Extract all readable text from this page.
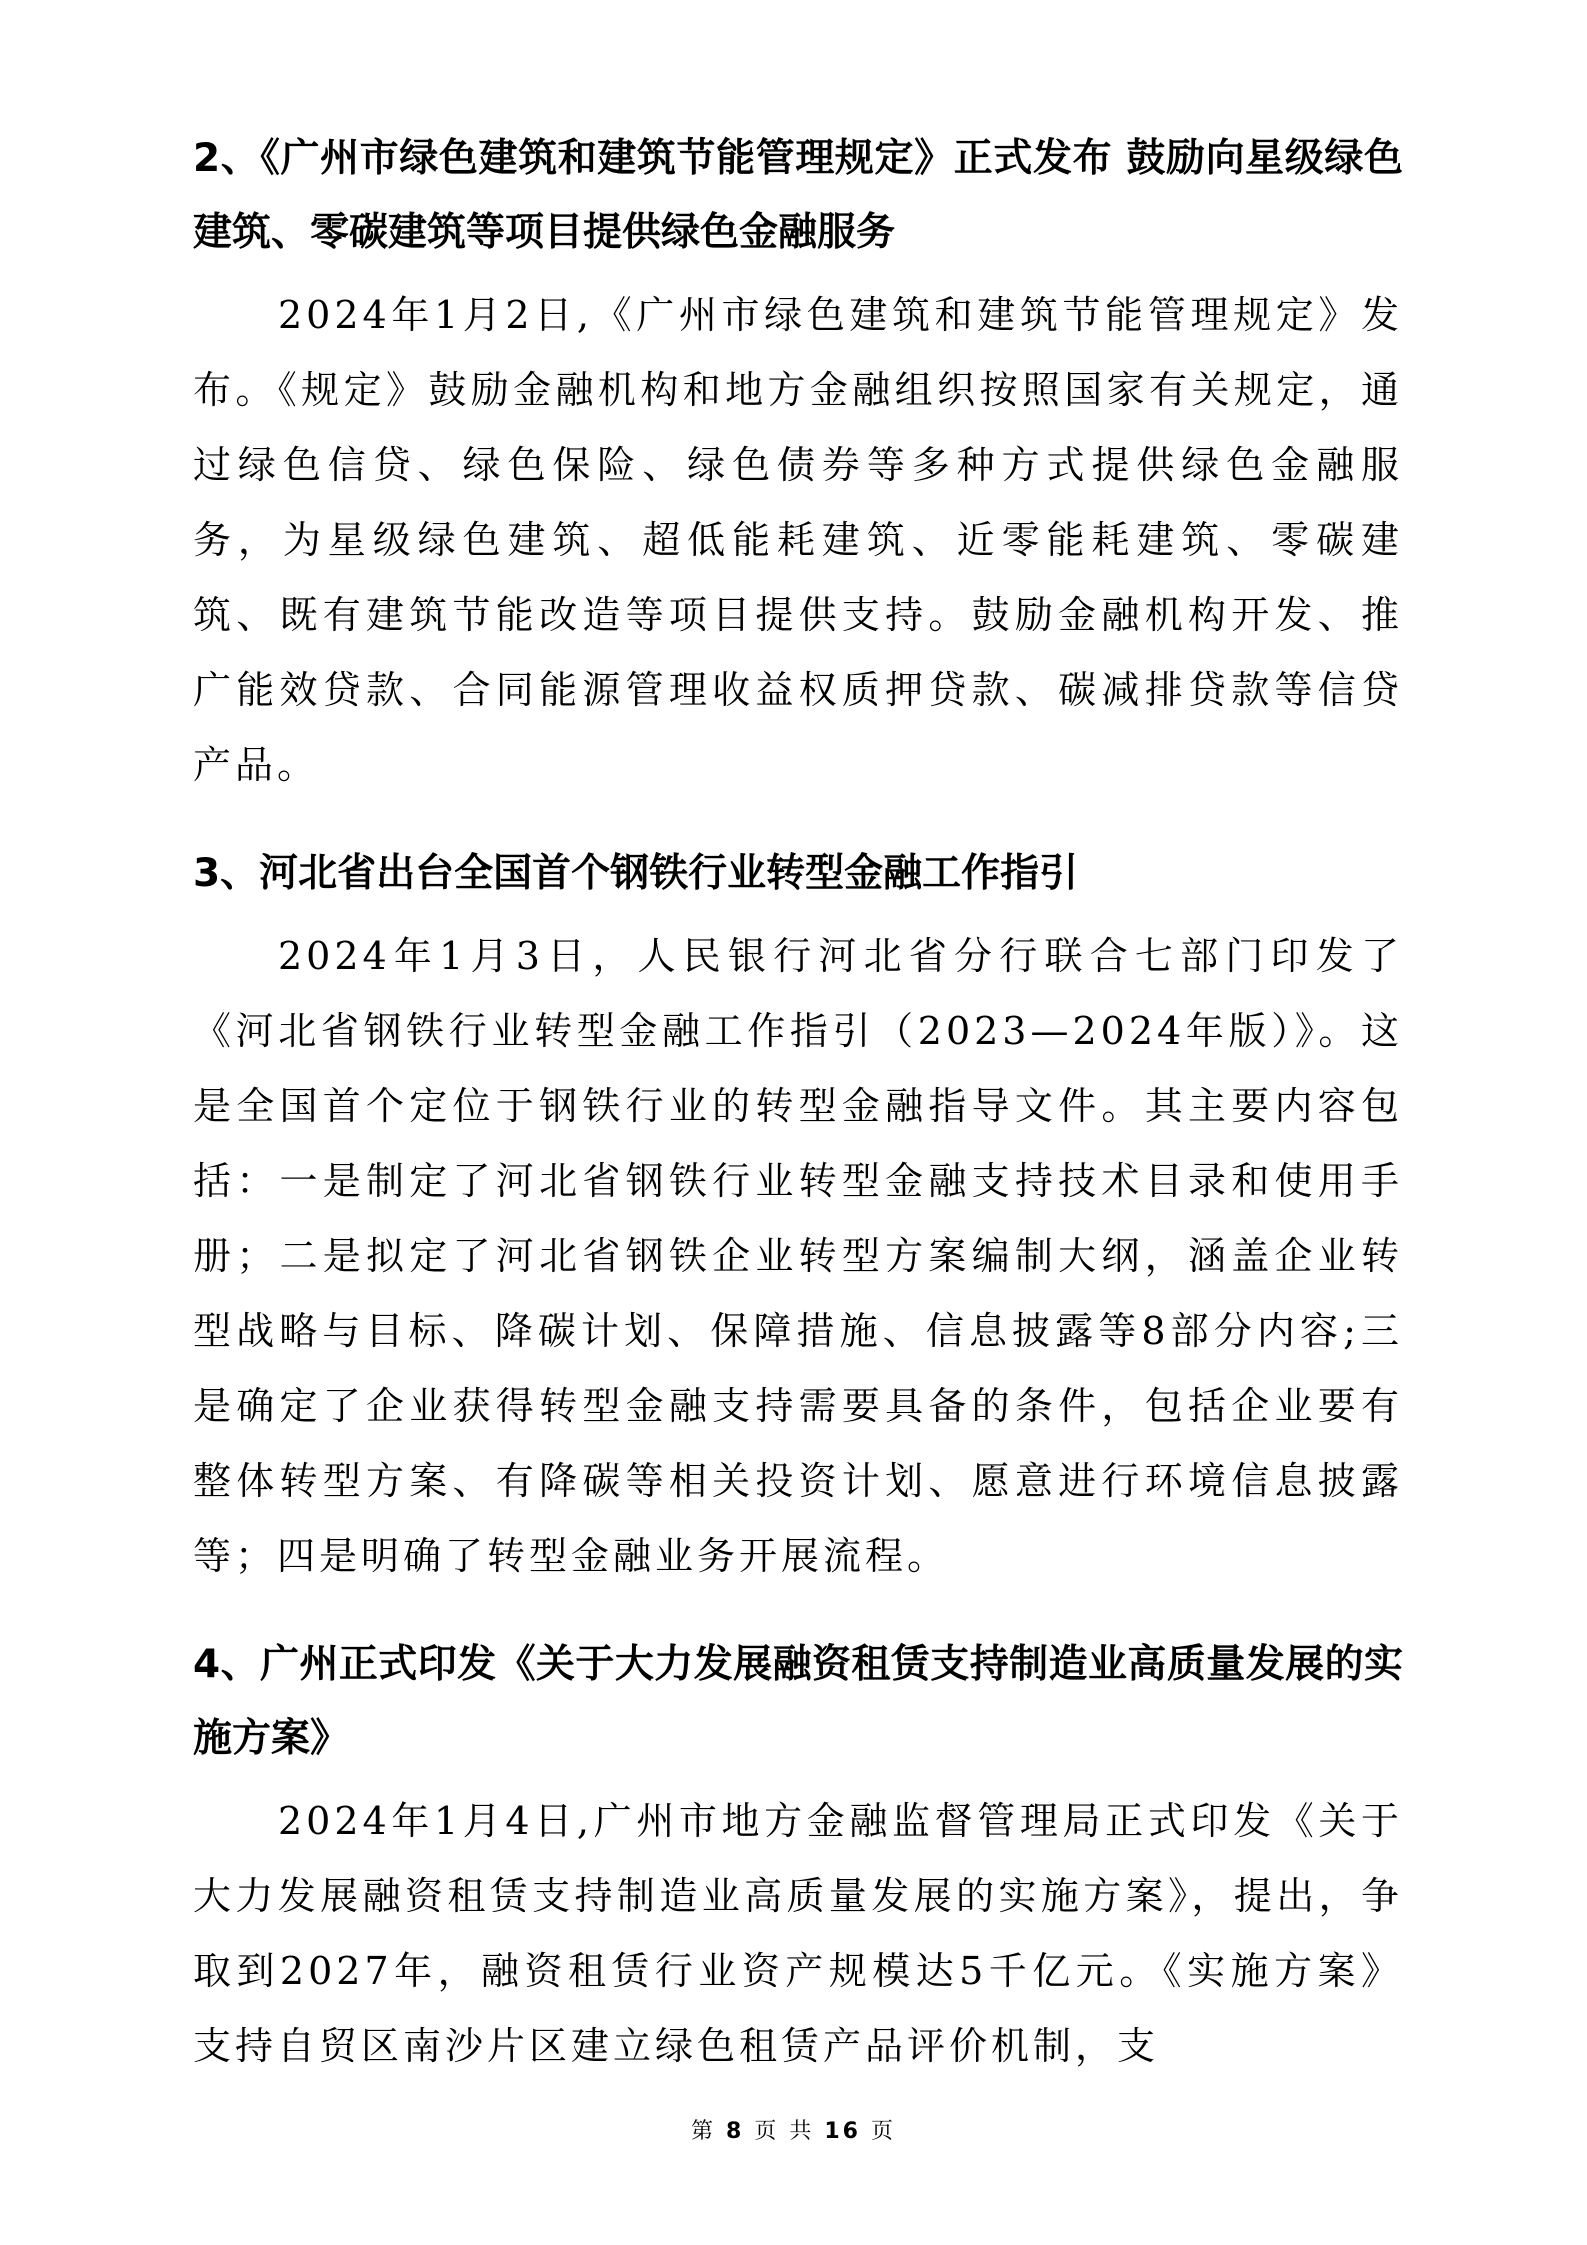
2、《广州市绿色建筑和建筑节能管理规定》正式发布 鼓励向星级绿色建筑、零碳建筑等项目提供绿色金融服务

2024年1月2日,《广州市绿色建筑和建筑节能管理规定》发布。《规定》鼓励金融机构和地方金融组织按照国家有关规定，通过绿色信贷、绿色保险、绿色债券等多种方式提供绿色金融服务，为星级绿色建筑、超低能耗建筑、近零能耗建筑、零碳建筑、既有建筑节能改造等项目提供支持。鼓励金融机构开发、推广能效贷款、合同能源管理收益权质押贷款、碳减排贷款等信贷产品。

3、河北省出台全国首个钢铁行业转型金融工作指引

2024年1月3日，人民银行河北省分行联合七部门印发了《河北省钢铁行业转型金融工作指引（2023—2024年版）》。这是全国首个定位于钢铁行业的转型金融指导文件。其主要内容包括：一是制定了河北省钢铁行业转型金融支持技术目录和使用手册；二是拟定了河北省钢铁企业转型方案编制大纲，涵盖企业转型战略与目标、降碳计划、保障措施、信息披露等8部分内容;三是确定了企业获得转型金融支持需要具备的条件，包括企业要有整体转型方案、有降碳等相关投资计划、愿意进行环境信息披露等；四是明确了转型金融业务开展流程。

4、广州正式印发《关于大力发展融资租赁支持制造业高质量发展的实施方案》

2024年1月4日,广州市地方金融监督管理局正式印发《关于大力发展融资租赁支持制造业高质量发展的实施方案》，提出，争取到2027年，融资租赁行业资产规模达5千亿元。《实施方案》支持自贸区南沙片区建立绿色租赁产品评价机制，支

第 8 页 共 16 页
